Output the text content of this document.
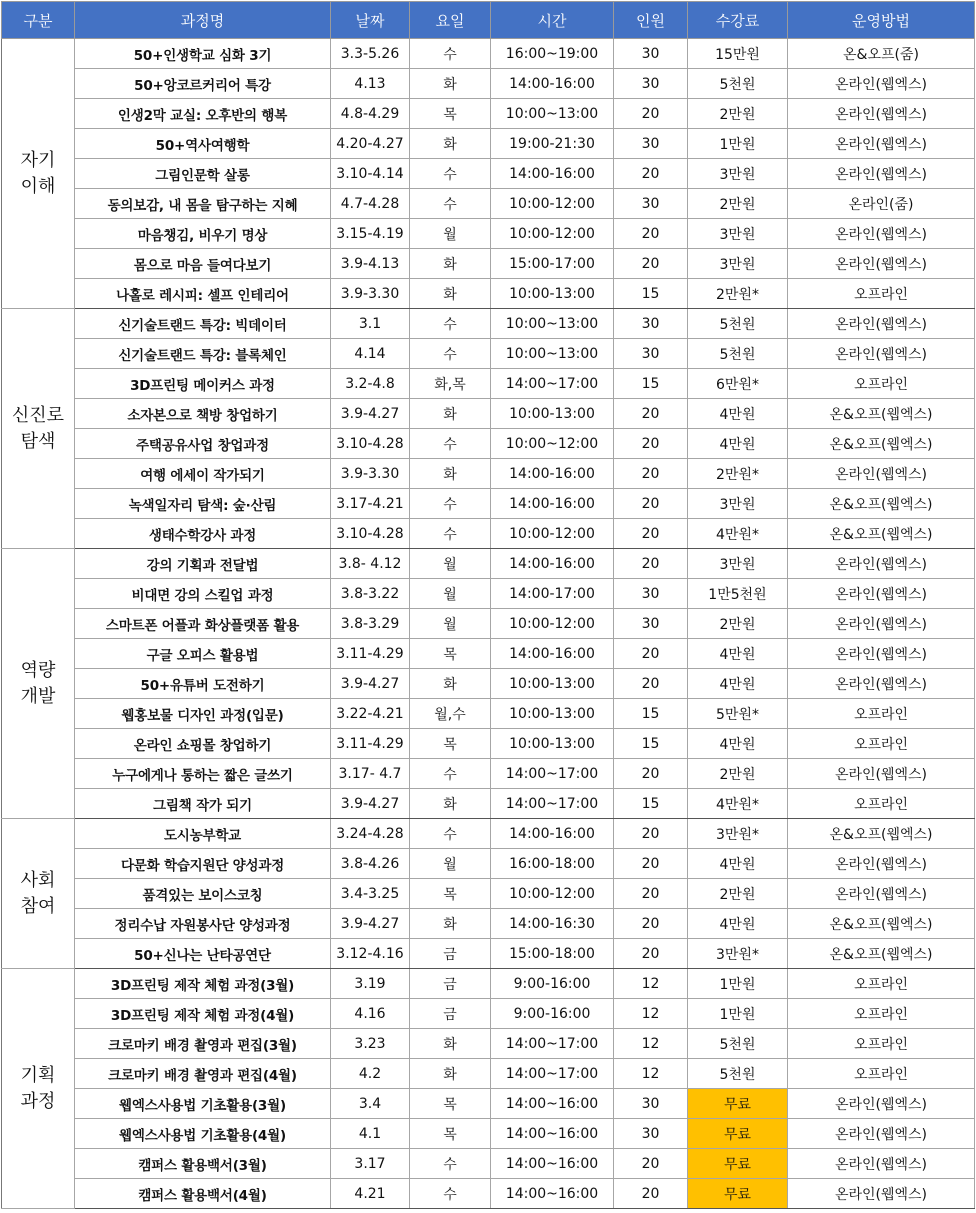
구분	과정명	날짜	요일	시간	인원	수강료	운영방법
자기
이해	50+인생학교 심화 3기	3.3-5.26	수	16:00~19:00	30	15만원	온&오프(줌)
	50+앙코르커리어 특강	4.13	화	14:00-16:00	30	5천원	온라인(웹엑스)
	인생2막 교실: 오후반의 행복	4.8-4.29	목	10:00~13:00	20	2만원	온라인(웹엑스)
	50+역사여행학	4.20-4.27	화	19:00-21:30	30	1만원	온라인(웹엑스)
	그림인문학 살롱	3.10-4.14	수	14:00-16:00	20	3만원	온라인(웹엑스)
	동의보감, 내 몸을 탐구하는 지혜	4.7-4.28	수	10:00-12:00	30	2만원	온라인(줌)
	마음챙김, 비우기 명상	3.15-4.19	월	10:00-12:00	20	3만원	온라인(웹엑스)
	몸으로 마음 들여다보기	3.9-4.13	화	15:00-17:00	20	3만원	온라인(웹엑스)
	나홀로 레시피: 셀프 인테리어	3.9-3.30	화	10:00-13:00	15	2만원*	오프라인
신진로
탐색	신기술트랜드 특강: 빅데이터	3.1	수	10:00~13:00	30	5천원	온라인(웹엑스)
	신기술트랜드 특강: 블록체인	4.14	수	10:00~13:00	30	5천원	온라인(웹엑스)
	3D프린팅 메이커스 과정	3.2-4.8	화,목	14:00~17:00	15	6만원*	오프라인
	소자본으로 책방 창업하기	3.9-4.27	화	10:00-13:00	20	4만원	온&오프(웹엑스)
	주택공유사업 창업과정	3.10-4.28	수	10:00~12:00	20	4만원	온&오프(웹엑스)
	여행 에세이 작가되기	3.9-3.30	화	14:00-16:00	20	2만원*	온라인(웹엑스)
	녹색일자리 탐색: 숲·산림	3.17-4.21	수	14:00-16:00	20	3만원	온&오프(웹엑스)
	생태수학강사 과정	3.10-4.28	수	10:00-12:00	20	4만원*	온&오프(웹엑스)
역량
개발	강의 기획과 전달법	3.8- 4.12	월	14:00-16:00	20	3만원	온라인(웹엑스)
	비대면 강의 스킬업 과정	3.8-3.22	월	14:00-17:00	30	1만5천원	온라인(웹엑스)
	스마트폰 어플과 화상플랫폼 활용	3.8-3.29	월	10:00-12:00	30	2만원	온라인(웹엑스)
	구글 오피스 활용법	3.11-4.29	목	14:00-16:00	20	4만원	온라인(웹엑스)
	50+유튜버 도전하기	3.9-4.27	화	10:00-13:00	20	4만원	온라인(웹엑스)
	웹홍보물 디자인 과정(입문)	3.22-4.21	월,수	10:00-13:00	15	5만원*	오프라인
	온라인 쇼핑몰 창업하기	3.11-4.29	목	10:00-13:00	15	4만원	오프라인
	누구에게나 통하는 짧은 글쓰기	3.17- 4.7	수	14:00~17:00	20	2만원	온라인(웹엑스)
	그림책 작가 되기	3.9-4.27	화	14:00~17:00	15	4만원*	오프라인
사회
참여	도시농부학교	3.24-4.28	수	14:00-16:00	20	3만원*	온&오프(웹엑스)
	다문화 학습지원단 양성과정	3.8-4.26	월	16:00-18:00	20	4만원	온라인(웹엑스)
	품격있는 보이스코칭	3.4-3.25	목	10:00-12:00	20	2만원	온라인(웹엑스)
	정리수납 자원봉사단 양성과정	3.9-4.27	화	14:00-16:30	20	4만원	온&오프(웹엑스)
	50+신나는 난타공연단	3.12-4.16	금	15:00-18:00	20	3만원*	온&오프(웹엑스)
기획
과정	3D프린팅 제작 체험 과정(3월)	3.19	금	9:00-16:00	12	1만원	오프라인
	3D프린팅 제작 체험 과정(4월)	4.16	금	9:00-16:00	12	1만원	오프라인
	크로마키 배경 촬영과 편집(3월)	3.23	화	14:00~17:00	12	5천원	오프라인
	크로마키 배경 촬영과 편집(4월)	4.2	화	14:00~17:00	12	5천원	오프라인
	웹엑스사용법 기초활용(3월)	3.4	목	14:00~16:00	30	무료	온라인(웹엑스)
	웹엑스사용법 기초활용(4월)	4.1	목	14:00~16:00	30	무료	온라인(웹엑스)
	캠퍼스 활용백서(3월)	3.17	수	14:00~16:00	20	무료	온라인(웹엑스)
	캠퍼스 활용백서(4월)	4.21	수	14:00~16:00	20	무료	온라인(웹엑스)
